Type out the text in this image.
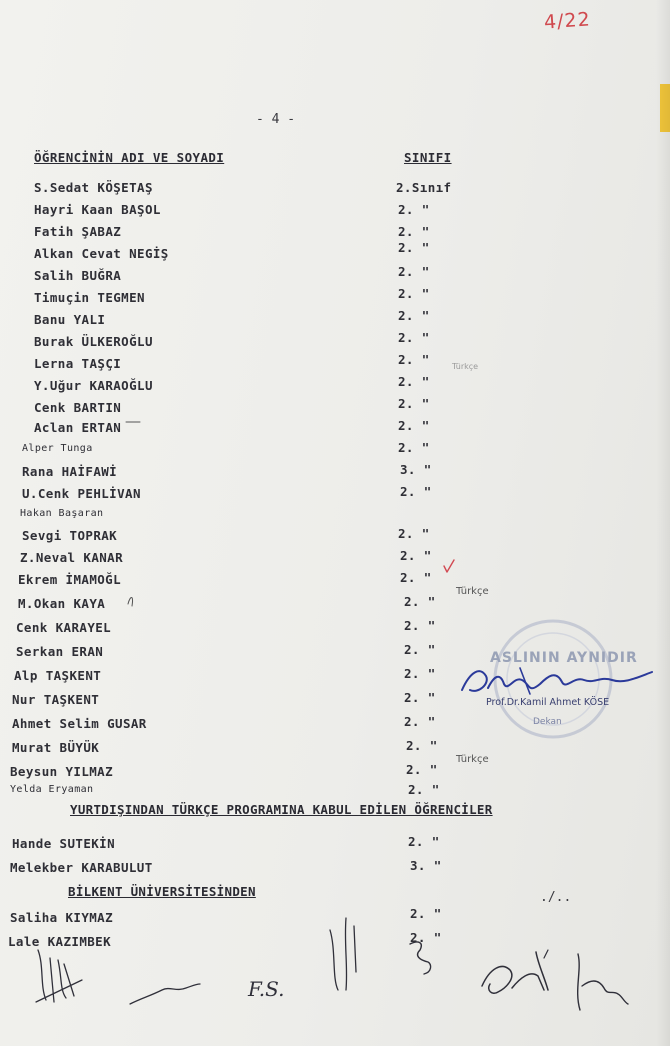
4/22
- 4 -
ÖĞRENCİNİN ADI VE SOYADI	SINIFI
S.Sedat KÖŞETAŞ	2.Sınıf
Hayri Kaan BAŞOL	2. "
Fatih ŞABAZ	2. "
Alkan Cevat NEGİŞ	2. "
Salih BUĞRA	2. "
Timuçin TEGMEN	2. "
Banu YALI	2. "
Burak ÜLKEROĞLU	2. "
Lerna TAŞÇI	2. "
Y.Uğur KARAOĞLU	2. "
Türkçe
Cenk BARTIN	2. "
Aclan ERTAN	2. "
Alper Tunga	2. "
Rana HAİFAWİ	3. "
U.Cenk PEHLİVAN	2. "
Hakan Başaran
Sevgi TOPRAK	2. "
Z.Neval KANAR	2. "
Ekrem İMAMOĞL	2. "
M.Okan KAYA	2. "
Türkçe
Cenk KARAYEL	2. "
Serkan ERAN	2. "
Alp TAŞKENT	2. "
Nur TAŞKENT	2. "
Ahmet Selim GUSAR	2. "
Murat BÜYÜK	2. "
Beysun YILMAZ	2. "
Türkçe
Yelda Eryaman	2. "
YURTDIŞINDAN TÜRKÇE PROGRAMINA KABUL EDİLEN ÖĞRENCİLER
Hande SUTEKİN	2. "
Melekber KARABULUT	3. "
BİLKENT ÜNİVERSİTESİNDEN	./..
Saliha KIYMAZ	2. "
Lale KAZIMBEK	2. "
ASLININ AYNIDIR
Prof.Dr.Kamil Ahmet KÖSE
Dekan
F.S.
